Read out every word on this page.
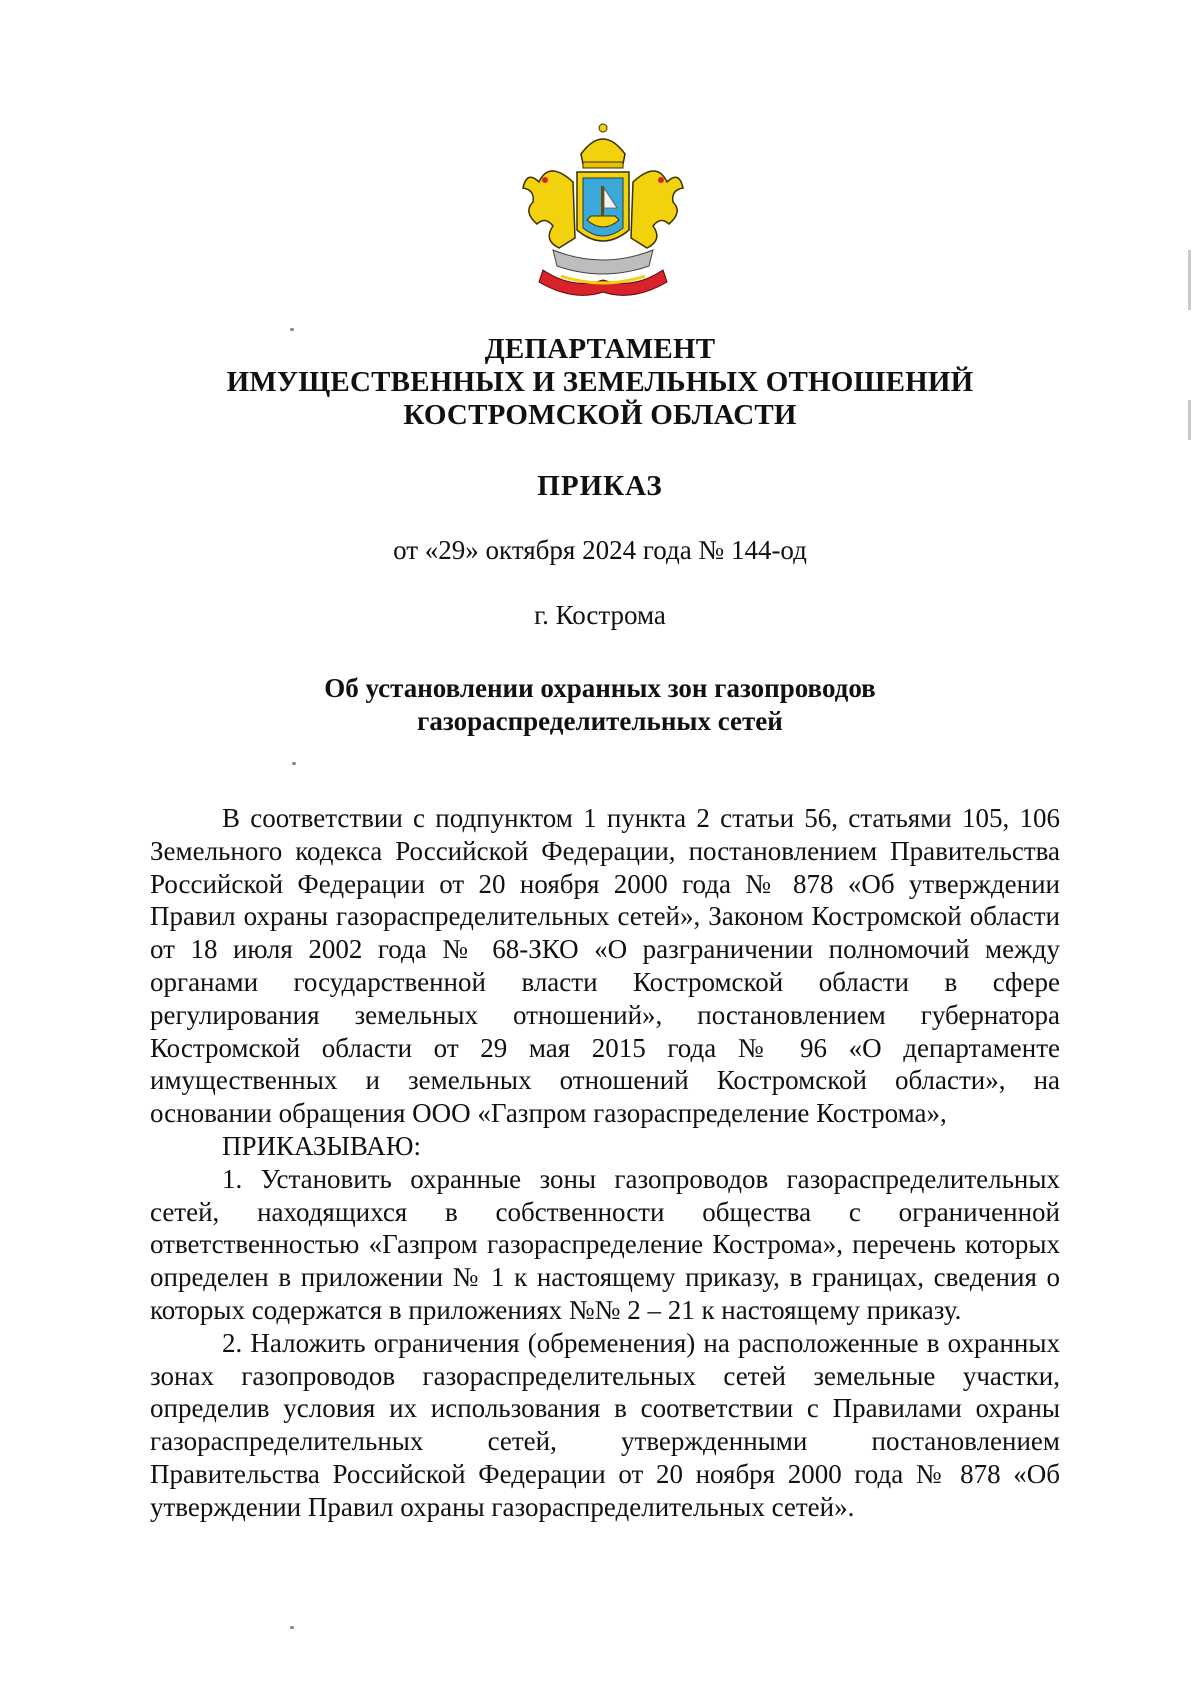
ДЕПАРТАМЕНТ
ИМУЩЕСТВЕННЫХ И ЗЕМЕЛЬНЫХ ОТНОШЕНИЙ
КОСТРОМСКОЙ ОБЛАСТИ
ПРИКАЗ
от «29» октября 2024 года № 144-од
г. Кострома
Об установлении охранных зон газопроводов
газораспределительных сетей

В соответствии с подпунктом 1 пункта 2 статьи 56, статьями 105, 106 Земельного кодекса Российской Федерации, постановлением Правительства Российской Федерации от 20 ноября 2000 года № 878 «Об утверждении Правил охраны газораспределительных сетей», Законом Костромской области от 18 июля 2002 года № 68-ЗКО «О разграничении полномочий между органами государственной власти Костромской области в сфере регулирования земельных отношений», постановлением губернатора Костромской области от 29 мая 2015 года № 96 «О департаменте имущественных и земельных отношений Костромской области», на основании обращения ООО «Газпром газораспределение Кострома»,

ПРИКАЗЫВАЮ:

1. Установить охранные зоны газопроводов газораспределительных сетей, находящихся в собственности общества с ограниченной ответственностью «Газпром газораспределение Кострома», перечень которых определен в приложении № 1 к настоящему приказу, в границах, сведения о которых содержатся в приложениях №№ 2 – 21 к настоящему приказу.

2. Наложить ограничения (обременения) на расположенные в охранных зонах газопроводов газораспределительных сетей земельные участки, определив условия их использования в соответствии с Правилами охраны газораспределительных сетей, утвержденными постановлением Правительства Российской Федерации от 20 ноября 2000 года № 878 «Об утверждении Правил охраны газораспределительных сетей».
